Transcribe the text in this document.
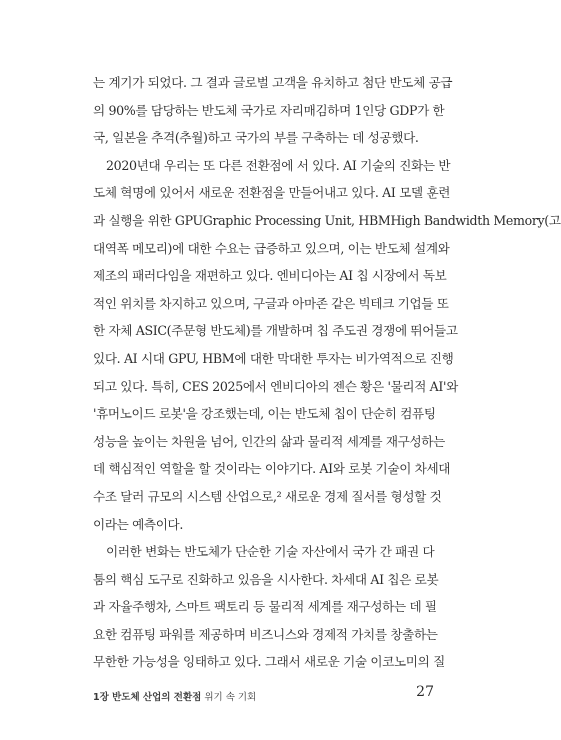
는 계기가 되었다. 그 결과 글로벌 고객을 유치하고 첨단 반도체 공급
의 90%를 담당하는 반도체 국가로 자리매김하며 1인당 GDP가 한
국, 일본을 추격(추월)하고 국가의 부를 구축하는 데 성공했다.
2020년대 우리는 또 다른 전환점에 서 있다. AI 기술의 진화는 반
도체 혁명에 있어서 새로운 전환점을 만들어내고 있다. AI 모델 훈련
과 실행을 위한 GPUGraphic Processing Unit, HBMHigh Bandwidth Memory(고
대역폭 메모리)에 대한 수요는 급증하고 있으며, 이는 반도체 설계와
제조의 패러다임을 재편하고 있다. 엔비디아는 AI 칩 시장에서 독보
적인 위치를 차지하고 있으며, 구글과 아마존 같은 빅테크 기업들 또
한 자체 ASIC(주문형 반도체)를 개발하며 칩 주도권 경쟁에 뛰어들고
있다. AI 시대 GPU, HBM에 대한 막대한 투자는 비가역적으로 진행
되고 있다. 특히, CES 2025에서 엔비디아의 젠슨 황은 '물리적 AI'와
'휴머노이드 로봇'을 강조했는데, 이는 반도체 칩이 단순히 컴퓨팅
성능을 높이는 차원을 넘어, 인간의 삶과 물리적 세계를 재구성하는
데 핵심적인 역할을 할 것이라는 이야기다. AI와 로봇 기술이 차세대
수조 달러 규모의 시스템 산업으로,² 새로운 경제 질서를 형성할 것
이라는 예측이다.
이러한 변화는 반도체가 단순한 기술 자산에서 국가 간 패권 다
툼의 핵심 도구로 진화하고 있음을 시사한다. 차세대 AI 칩은 로봇
과 자율주행차, 스마트 팩토리 등 물리적 세계를 재구성하는 데 필
요한 컴퓨팅 파워를 제공하며 비즈니스와 경제적 가치를 창출하는
무한한 가능성을 잉태하고 있다. 그래서 새로운 기술 이코노미의 질
1장 반도체 산업의 전환점 위기 속 기회	27
